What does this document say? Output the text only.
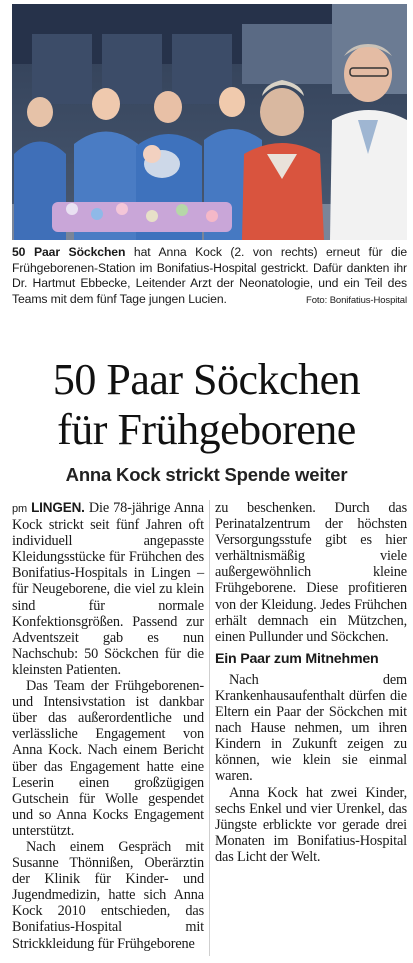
50 Paar Söckchen hat Anna Kock (2. von rechts) erneut für die Frühgeborenen-Station im Bonifatius-Hospital gestrickt. Dafür dankten ihr Dr. Hartmut Ebbecke, Leitender Arzt der Neonatologie, und ein Teil des Teams mit dem fünf Tage jungen Lucien.	Foto: Bonifatius-Hospital
50 Paar Söckchen
für Frühgeborene
Anna Kock strickt Spende weiter

pm LINGEN. Die 78-jährige Anna Kock strickt seit fünf Jahren oft individuell angepasste Kleidungsstücke für Frühchen des Bonifatius-Hospitals in Lingen – für Neugeborene, die viel zu klein sind für normale Konfektionsgrößen. Passend zur Adventszeit gab es nun Nachschub: 50 Söckchen für die kleinsten Patienten.

Das Team der Frühgeborenen- und Intensivstation ist dankbar über das außerordentliche und verlässliche Engagement von Anna Kock. Nach einem Bericht über das Engagement hatte eine Leserin einen großzügigen Gutschein für Wolle gespendet und so Anna Kocks Engagement unterstützt.

Nach einem Gespräch mit Susanne Thönnißen, Oberärztin der Klinik für Kinder- und Jugendmedizin, hatte sich Anna Kock 2010 entschieden, das Bonifatius-Hospital mit Strickkleidung für Frühgeborene

zu beschenken. Durch das Perinatalzentrum der höchsten Versorgungsstufe gibt es hier verhältnismäßig viele außergewöhnlich kleine Frühgeborene. Diese profitieren von der Kleidung. Jedes Frühchen erhält demnach ein Mützchen, einen Pullunder und Söckchen.

Ein Paar zum Mitnehmen

Nach dem Krankenhausaufenthalt dürfen die Eltern ein Paar der Söckchen mit nach Hause nehmen, um ihren Kindern in Zukunft zeigen zu können, wie klein sie einmal waren.

Anna Kock hat zwei Kinder, sechs Enkel und vier Urenkel, das Jüngste erblickte vor gerade drei Monaten im Bonifatius-Hospital das Licht der Welt.
